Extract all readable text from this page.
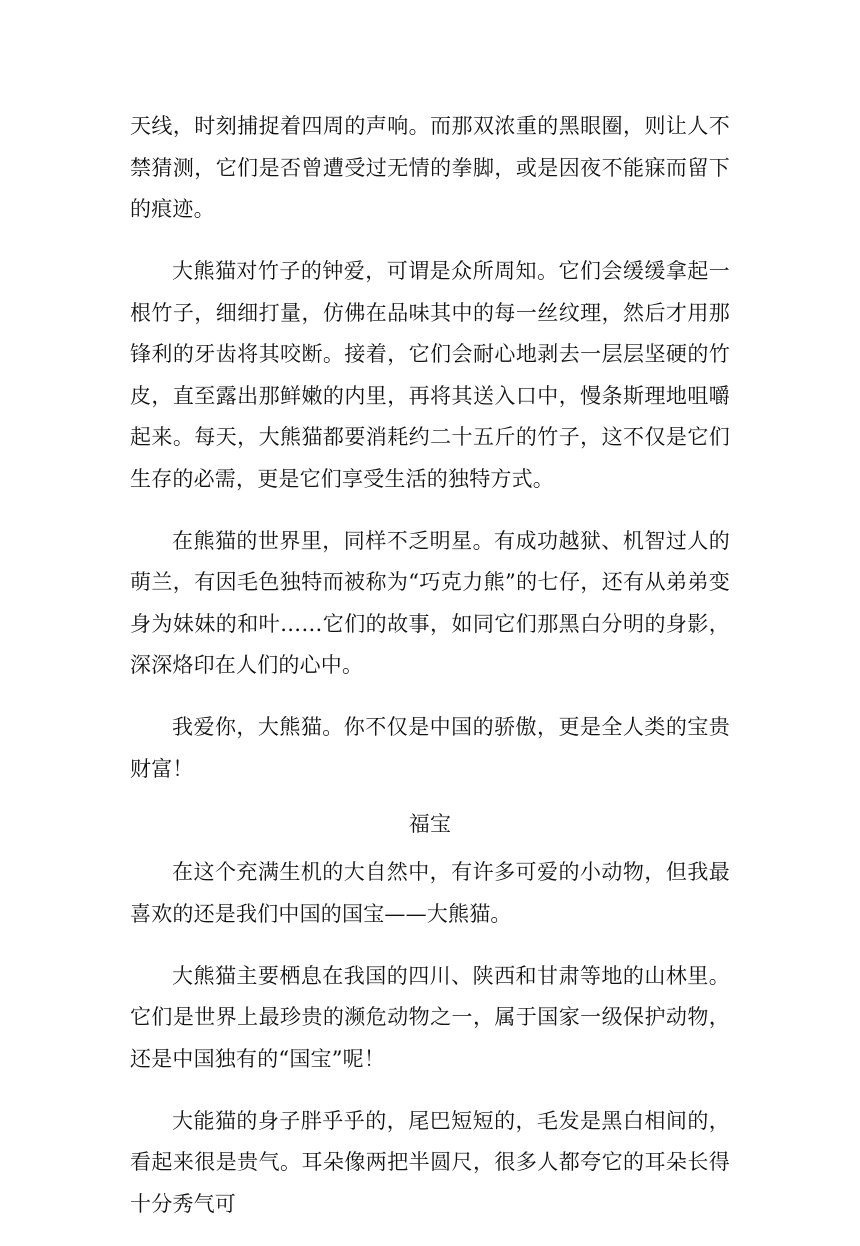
天线，时刻捕捉着四周的声响。而那双浓重的黑眼圈，则让人不禁猜测，它们是否曾遭受过无情的拳脚，或是因夜不能寐而留下的痕迹。

大熊猫对竹子的钟爱，可谓是众所周知。它们会缓缓拿起一根竹子，细细打量，仿佛在品味其中的每一丝纹理，然后才用那锋利的牙齿将其咬断。接着，它们会耐心地剥去一层层坚硬的竹皮，直至露出那鲜嫩的内里，再将其送入口中，慢条斯理地咀嚼起来。每天，大熊猫都要消耗约二十五斤的竹子，这不仅是它们生存的必需，更是它们享受生活的独特方式。

在熊猫的世界里，同样不乏明星。有成功越狱、机智过人的萌兰，有因毛色独特而被称为“巧克力熊”的七仔，还有从弟弟变身为妹妹的和叶……它们的故事，如同它们那黑白分明的身影，深深烙印在人们的心中。

我爱你，大熊猫。你不仅是中国的骄傲，更是全人类的宝贵财富！

福宝

在这个充满生机的大自然中，有许多可爱的小动物，但我最喜欢的还是我们中国的国宝——大熊猫。

大熊猫主要栖息在我国的四川、陕西和甘肃等地的山林里。它们是世界上最珍贵的濒危动物之一，属于国家一级保护动物，还是中国独有的“国宝”呢！

大能猫的身子胖乎乎的，尾巴短短的，毛发是黑白相间的，看起来很是贵气。耳朵像两把半圆尺，很多人都夸它的耳朵长得十分秀气可
